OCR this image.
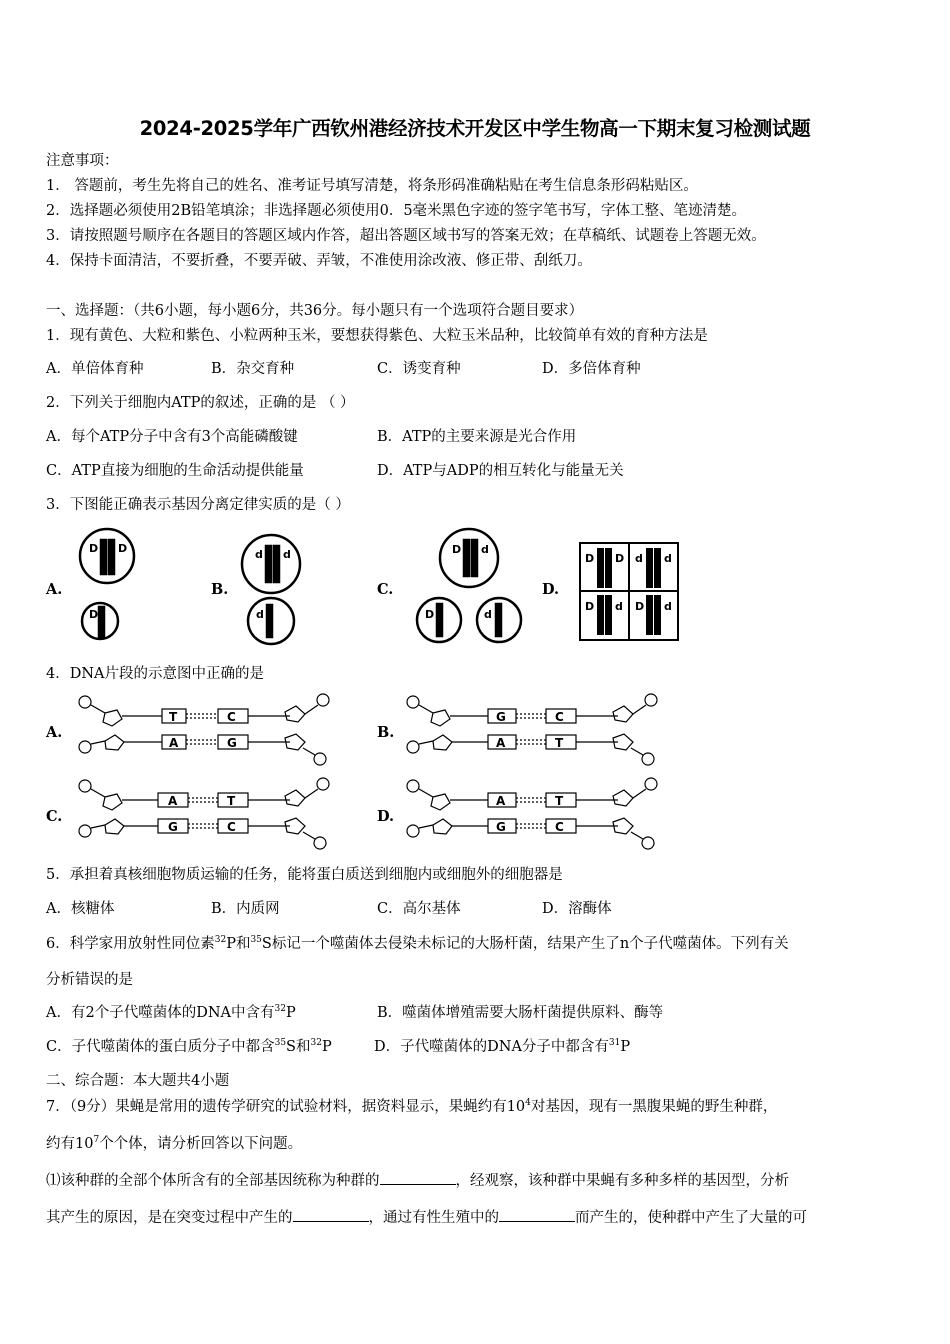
2024-2025学年广西钦州港经济技术开发区中学生物高一下期末复习检测试题
注意事项：
1． 答题前，考生先将自己的姓名、准考证号填写清楚，将条形码准确粘贴在考生信息条形码粘贴区。
2．选择题必须使用2B铅笔填涂；非选择题必须使用0．5毫米黑色字迹的签字笔书写，字体工整、笔迹清楚。
3．请按照题号顺序在各题目的答题区域内作答，超出答题区域书写的答案无效；在草稿纸、试题卷上答题无效。
4．保持卡面清洁，不要折叠，不要弄破、弄皱，不准使用涂改液、修正带、刮纸刀。
一、选择题：（共6小题，每小题6分，共36分。每小题只有一个选项符合题目要求）
1．现有黄色、大粒和紫色、小粒两种玉米，要想获得紫色、大粒玉米品种，比较简单有效的育种方法是
A．单倍体育种	B．杂交育种	C．诱变育种	D．多倍体育种
2．下列关于细胞内ATP的叙述，正确的是 （ ）
A．每个ATP分子中含有3个高能磷酸键	B．ATP的主要来源是光合作用
C．ATP直接为细胞的生命活动提供能量	D．ATP与ADP的相互转化与能量无关
3．下图能正确表示基因分离定律实质的是（ ）
A.	B.	C.	D.
D D
D
d d
d
D d
D	d
D D d d
D d D d
T	C
A	G
G	C
A	T
A	T
G	C
A	T
G	C
4．DNA片段的示意图中正确的是
A.	B.
C.	D.
5．承担着真核细胞物质运输的任务，能将蛋白质送到细胞内或细胞外的细胞器是
A．核糖体	B．内质网	C．高尔基体	D．溶酶体
6．科学家用放射性同位素$^{32}$P和$^{35}$S标记一个噬菌体去侵染未标记的大肠杆菌，结果产生了n个子代噬菌体。下列有关
分析错误的是
A．有2个子代噬菌体的DNA中含有$^{32}$P	B．噬菌体增殖需要大肠杆菌提供原料、酶等
C．子代噬菌体的蛋白质分子中都含$^{35}$S和$^{32}$P	D．子代噬菌体的DNA分子中都含有$^{31}$P
二、综合题：本大题共4小题
7．（9分）果蝇是常用的遗传学研究的试验材料，据资料显示，果蝇约有$10^4$对基因，现有一黑腹果蝇的野生种群，
约有$10^7$个个体，请分析回答以下问题。
⑴该种群的全部个体所含有的全部基因统称为种群的	，经观察，该种群中果蝇有多种多样的基因型，分析
其产生的原因，是在突变过程中产生的	，通过有性生殖中的	而产生的，使种群中产生了大量的可
